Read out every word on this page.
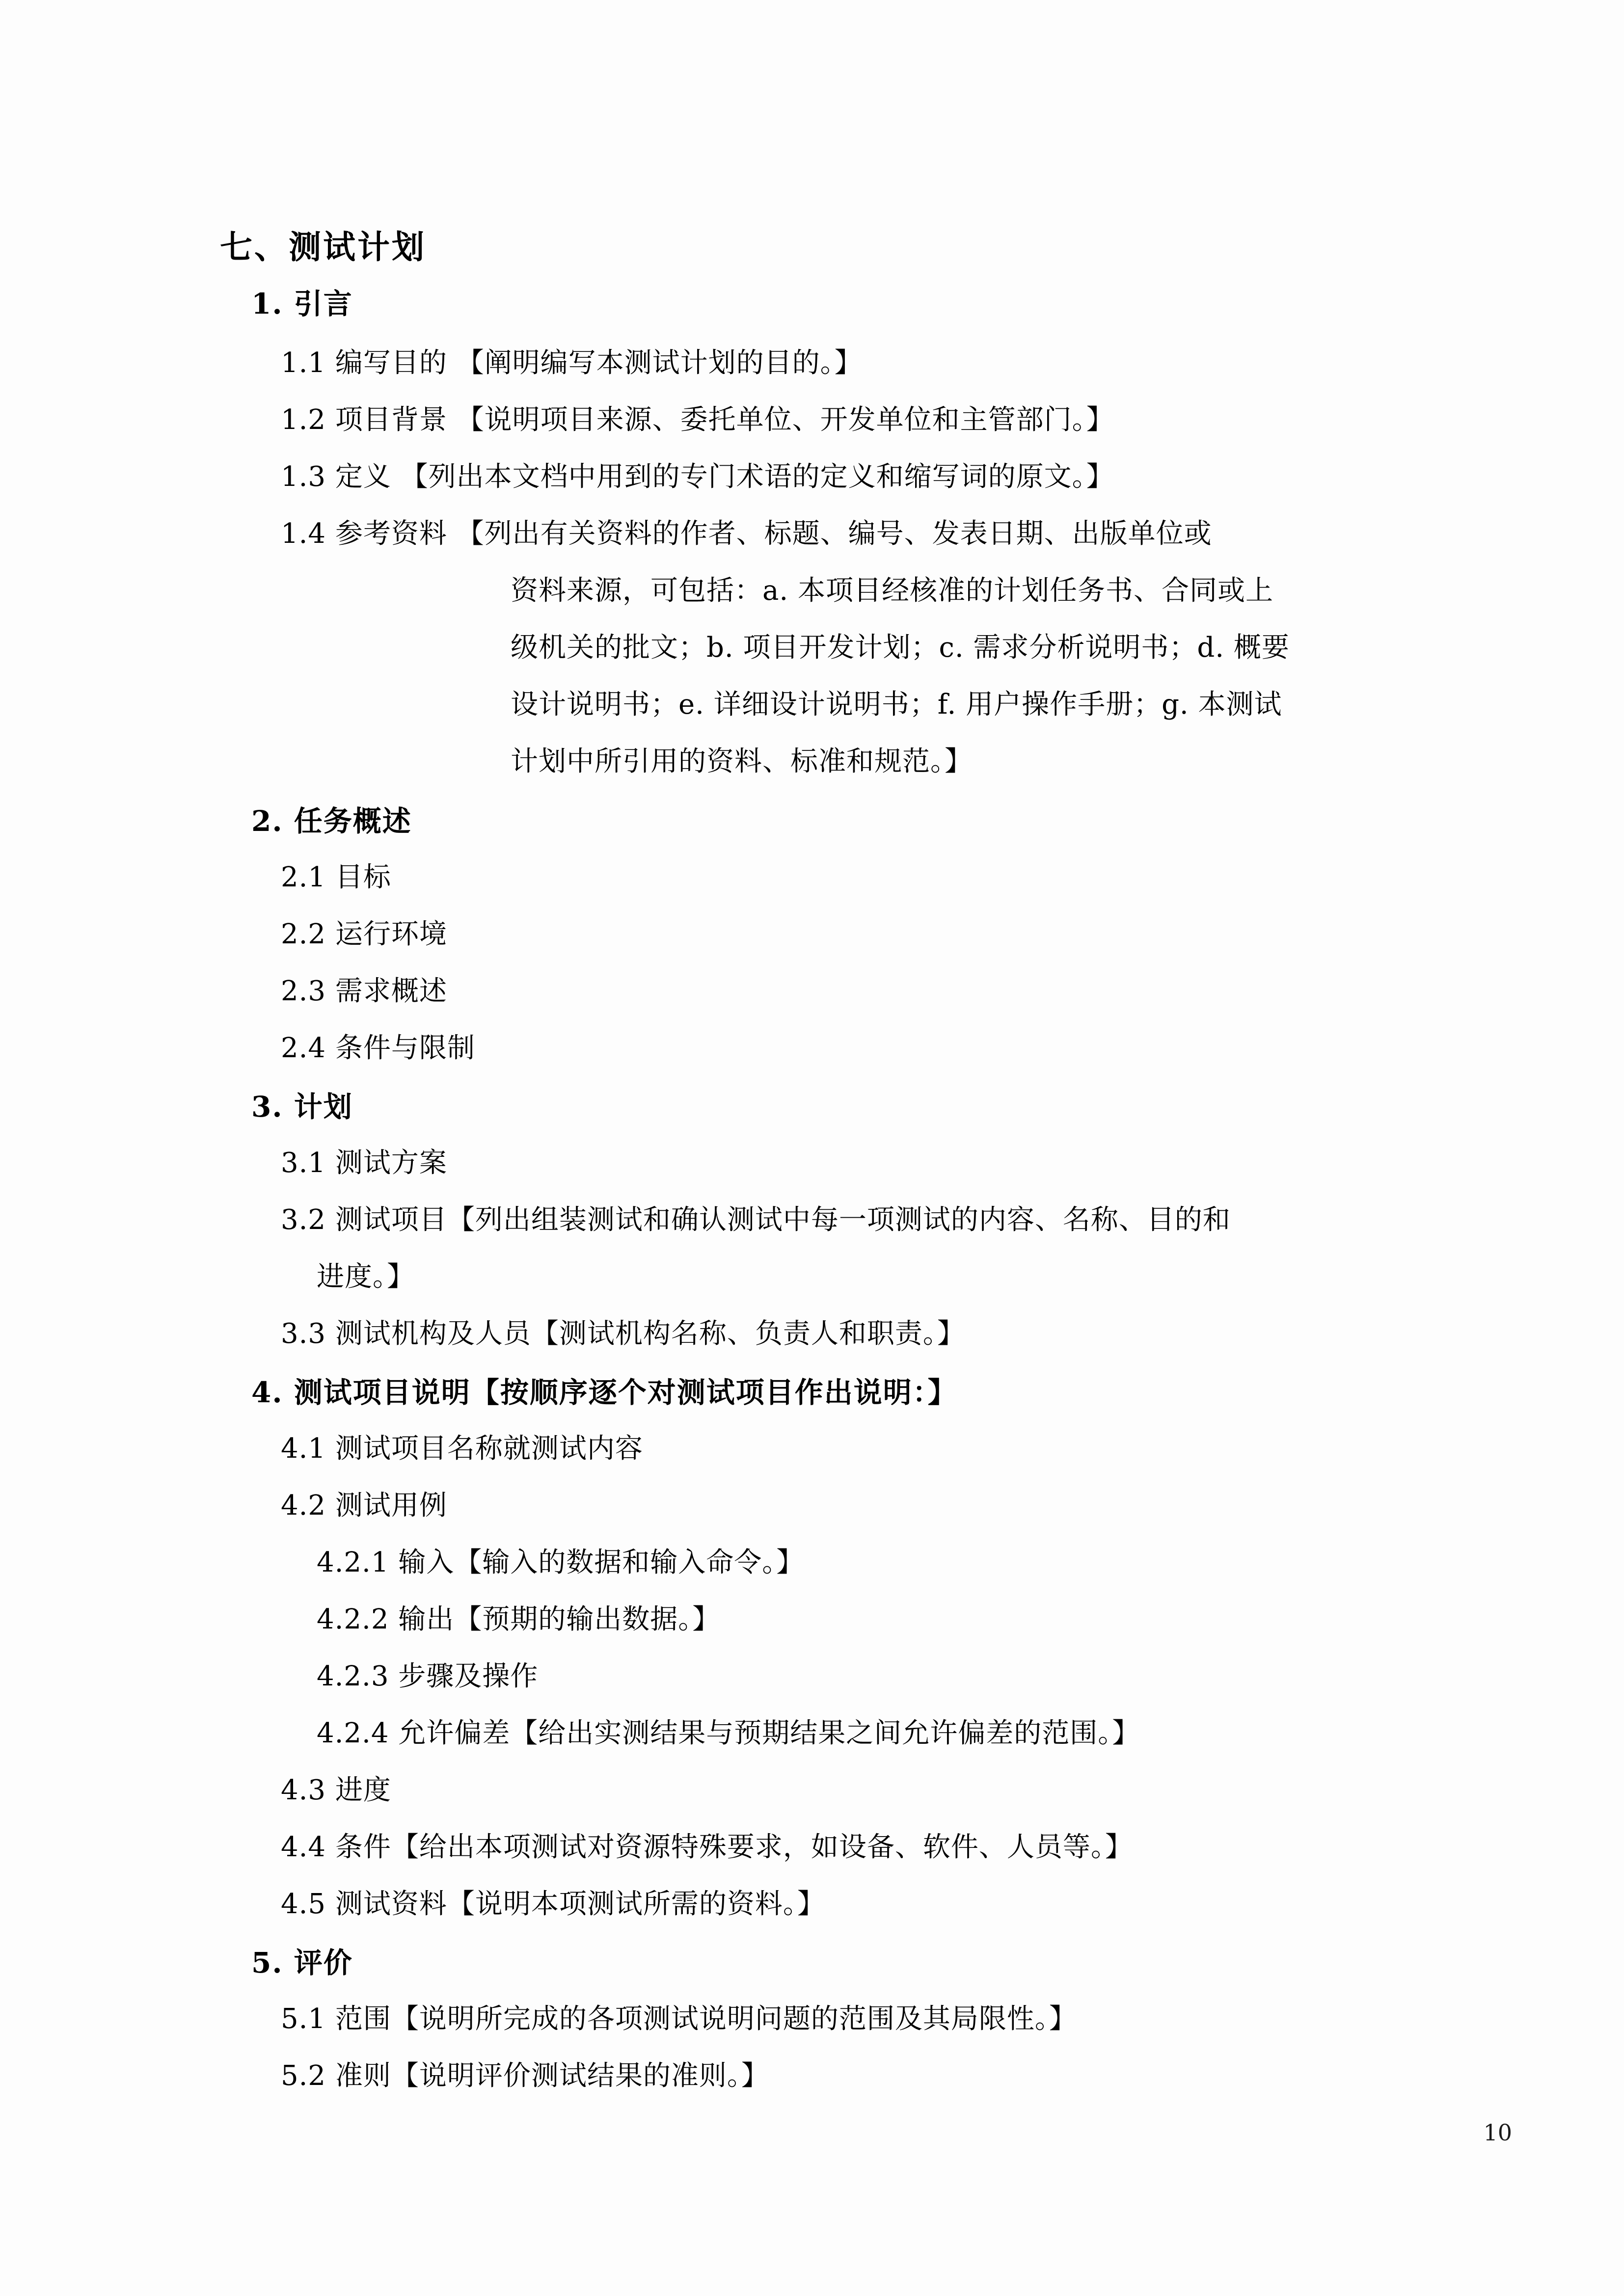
七、测试计划
1. 引言
1.1 编写目的 【阐明编写本测试计划的目的。】
1.2 项目背景 【说明项目来源、委托单位、开发单位和主管部门。】
1.3 定义 【列出本文档中用到的专门术语的定义和缩写词的原文。】
1.4 参考资料 【列出有关资料的作者、标题、编号、发表日期、出版单位或
资料来源，可包括：a. 本项目经核准的计划任务书、合同或上
级机关的批文；b. 项目开发计划；c. 需求分析说明书；d. 概要
设计说明书；e. 详细设计说明书；f. 用户操作手册；g. 本测试
计划中所引用的资料、标准和规范。】
2. 任务概述
2.1 目标
2.2 运行环境
2.3 需求概述
2.4 条件与限制
3. 计划
3.1 测试方案
3.2 测试项目【列出组装测试和确认测试中每一项测试的内容、名称、目的和
进度。】
3.3 测试机构及人员【测试机构名称、负责人和职责。】
4. 测试项目说明【按顺序逐个对测试项目作出说明：】
4.1 测试项目名称就测试内容
4.2 测试用例
4.2.1 输入【输入的数据和输入命令。】
4.2.2 输出【预期的输出数据。】
4.2.3 步骤及操作
4.2.4 允许偏差【给出实测结果与预期结果之间允许偏差的范围。】
4.3 进度
4.4 条件【给出本项测试对资源特殊要求，如设备、软件、人员等。】
4.5 测试资料【说明本项测试所需的资料。】
5. 评价
5.1 范围【说明所完成的各项测试说明问题的范围及其局限性。】
5.2 准则【说明评价测试结果的准则。】
10
